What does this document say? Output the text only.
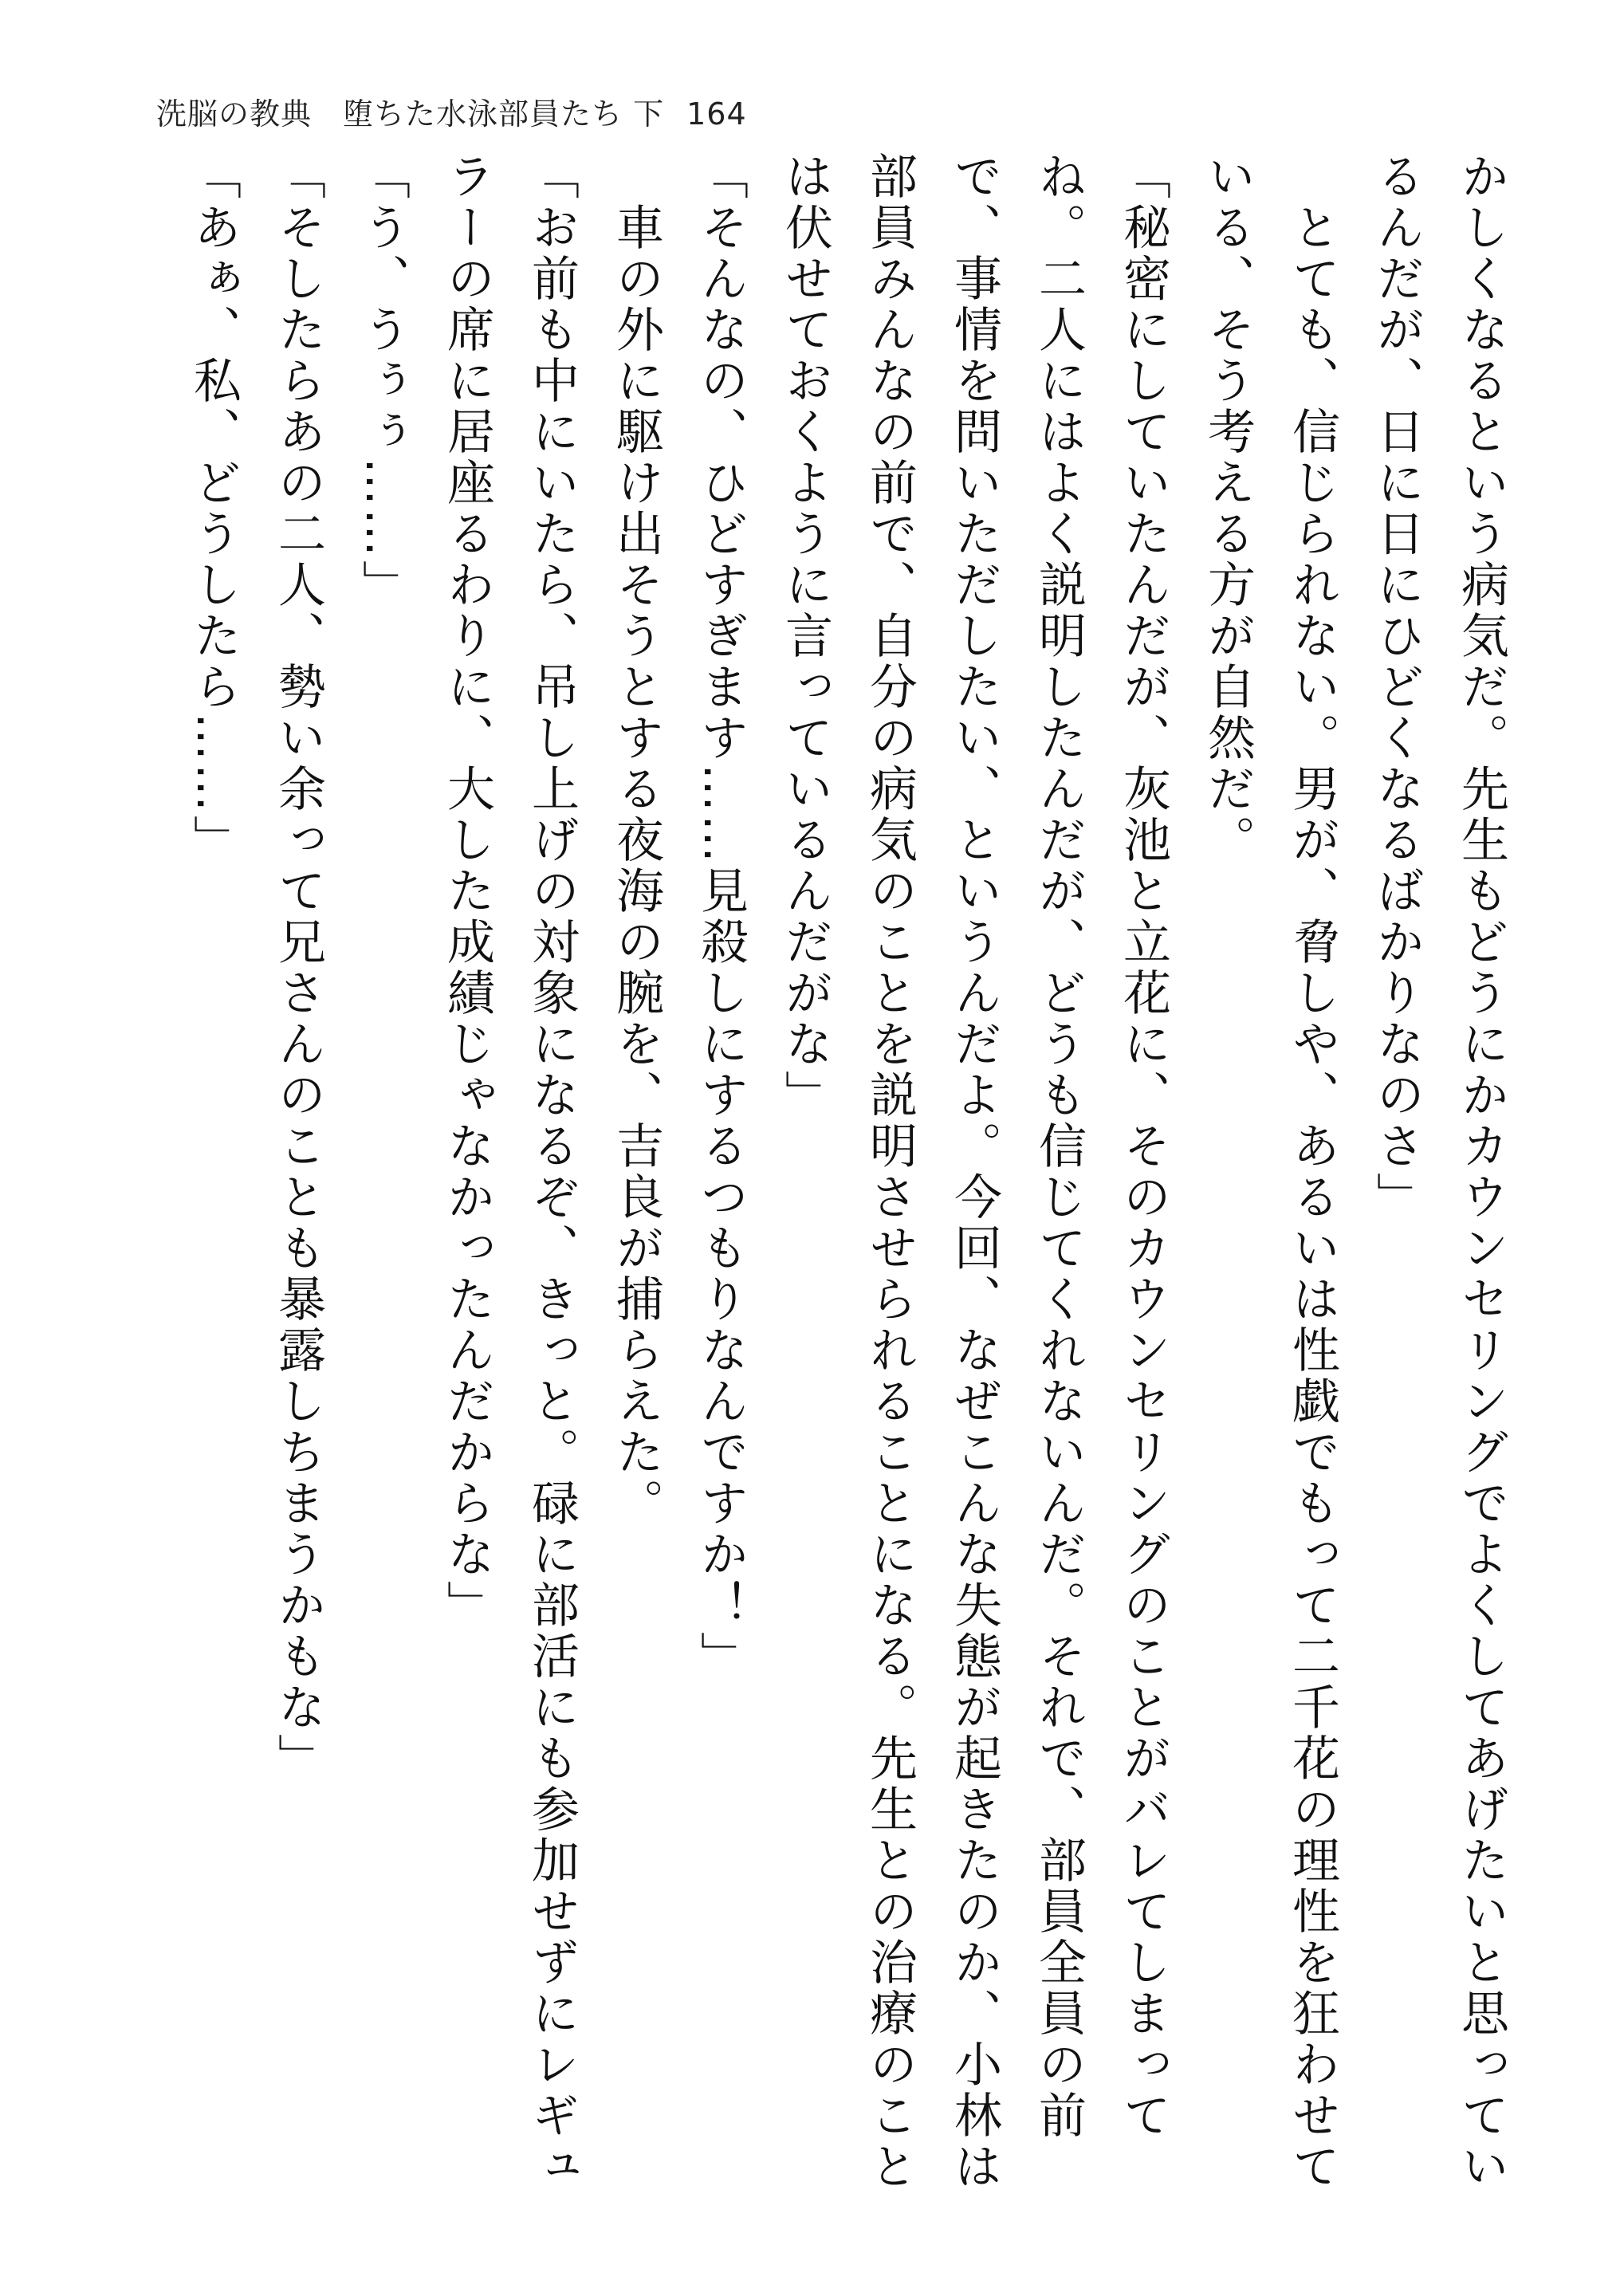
洗脳の教典　堕ちた水泳部員たち 下 164
かしくなるという病気だ。先生もどうにかカウンセリングでよくしてあげたいと思ってい
るんだが、日に日にひどくなるばかりなのさ」
　とても、信じられない。男が、脅しや、あるいは性戯でもって二千花の理性を狂わせて
いる、そう考える方が自然だ。
「秘密にしていたんだが、灰池と立花に、そのカウンセリングのことがバレてしまって
ね。二人にはよく説明したんだが、どうも信じてくれないんだ。それで、部員全員の前
で、事情を問いただしたい、というんだよ。今回、なぜこんな失態が起きたのか、小林は
部員みんなの前で、自分の病気のことを説明させられることになる。先生との治療のこと
は伏せておくように言っているんだがな」
「そんなの、ひどすぎます……見殺しにするつもりなんですか！」
　車の外に駆け出そうとする夜海の腕を、吉良が捕らえた。
「お前も中にいたら、吊し上げの対象になるぞ、きっと。碌に部活にも参加せずにレギュ
ラーの席に居座るわりに、大した成績じゃなかったんだからな」
「う、うぅぅ……」
「そしたらあの二人、勢い余って兄さんのことも暴露しちまうかもな」
「あぁ、私、どうしたら……」
